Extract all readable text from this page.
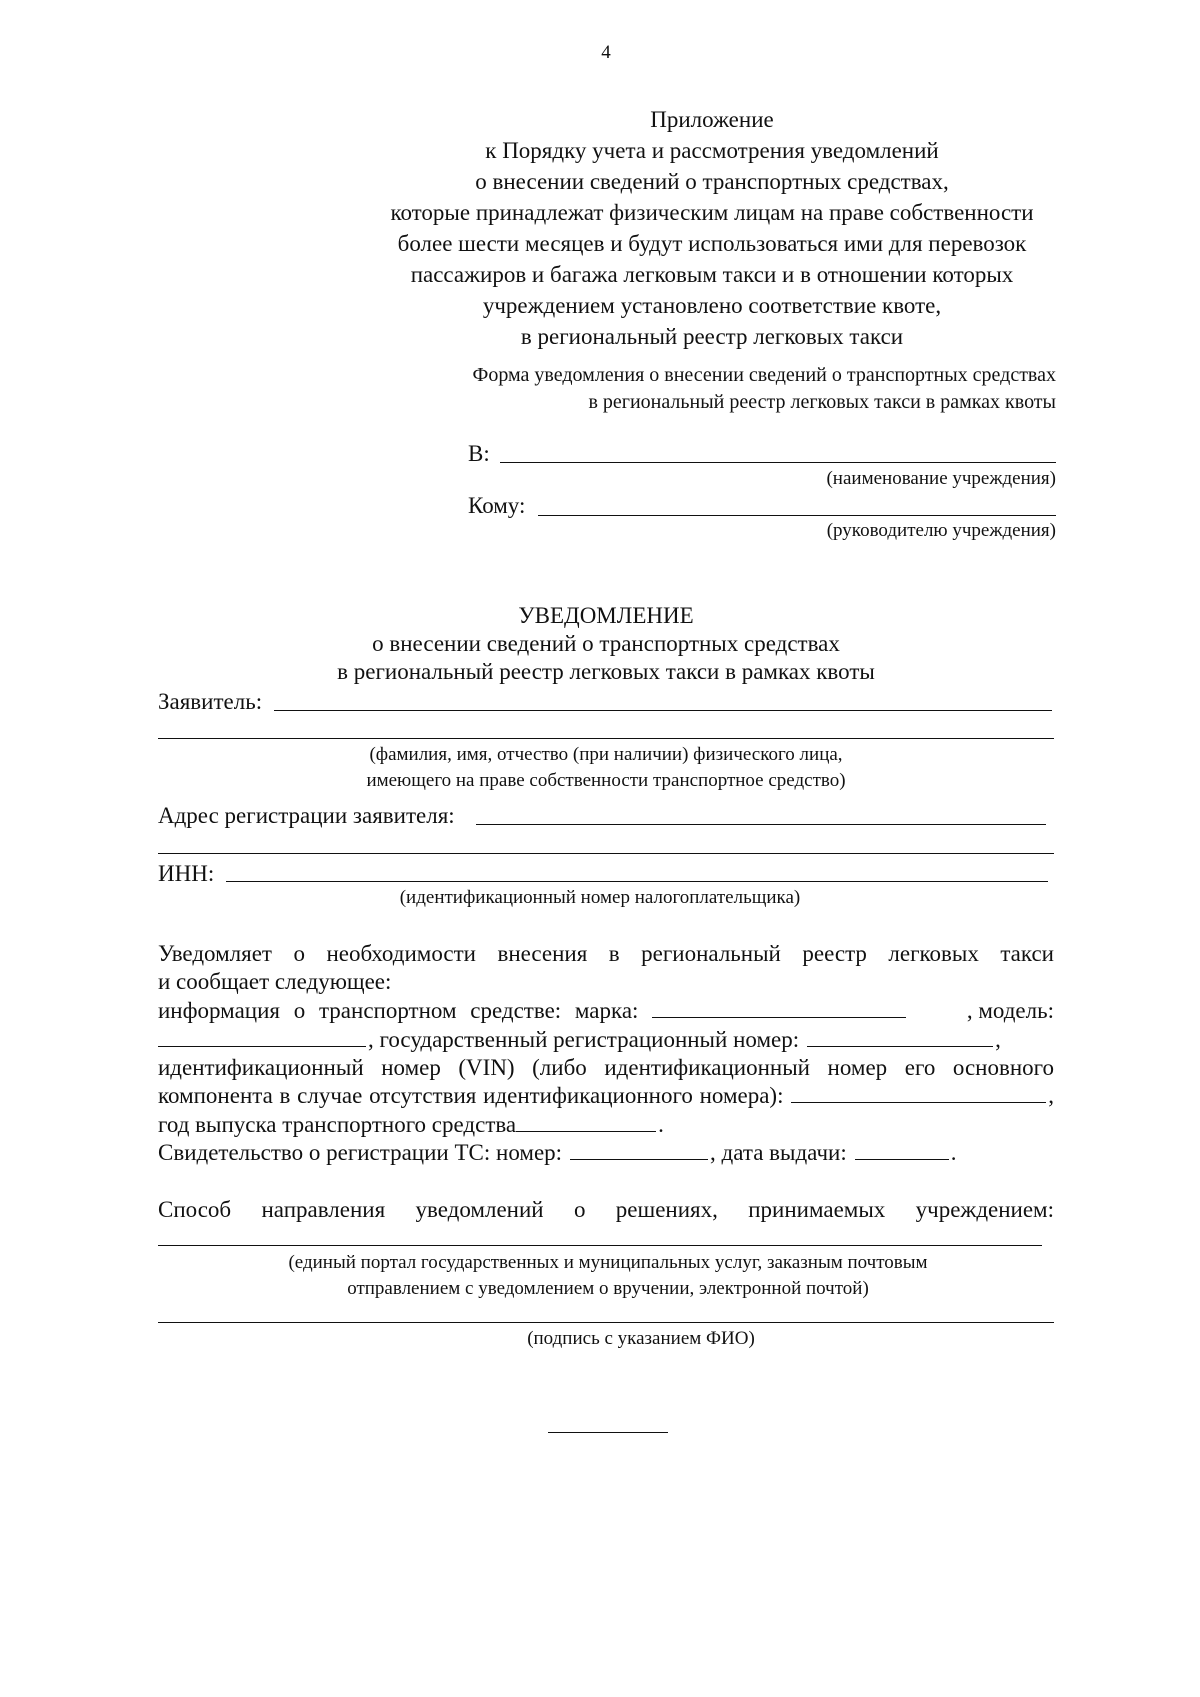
4
Приложение
к Порядку учета и рассмотрения уведомлений
о внесении сведений о транспортных средствах,
которые принадлежат физическим лицам на праве собственности
более шести месяцев и будут использоваться ими для перевозок
пассажиров и багажа легковым такси и в отношении которых
учреждением установлено соответствие квоте,
в региональный реестр легковых такси
Форма уведомления о внесении сведений о транспортных средствах
в региональный реестр легковых такси в рамках квоты
В:
(наименование учреждения)
Кому:
(руководителю учреждения)
УВЕДОМЛЕНИЕ
о внесении сведений о транспортных средствах
в региональный реестр легковых такси в рамках квоты
Заявитель:
(фамилия, имя, отчество (при наличии) физического лица,
имеющего на праве собственности транспортное средство)
Адрес регистрации заявителя:
ИНН:
(идентификационный номер налогоплательщика)
Уведомляет о необходимости внесения в региональный реестр легковых такси
и сообщает следующее:
информация о транспортном средстве: марка:	, модель:
, государственный регистрационный номер:	,
идентификационный номер (VIN) (либо идентификационный номер его основного
компонента в случае отсутствия идентификационного номера):	,
год выпуска транспортного средства	.
Свидетельство о регистрации ТС: номер:	, дата выдачи:	.
Способ направления уведомлений о решениях, принимаемых учреждением:
(единый портал государственных и муниципальных услуг, заказным почтовым
отправлением с уведомлением о вручении, электронной почтой)
(подпись с указанием ФИО)
